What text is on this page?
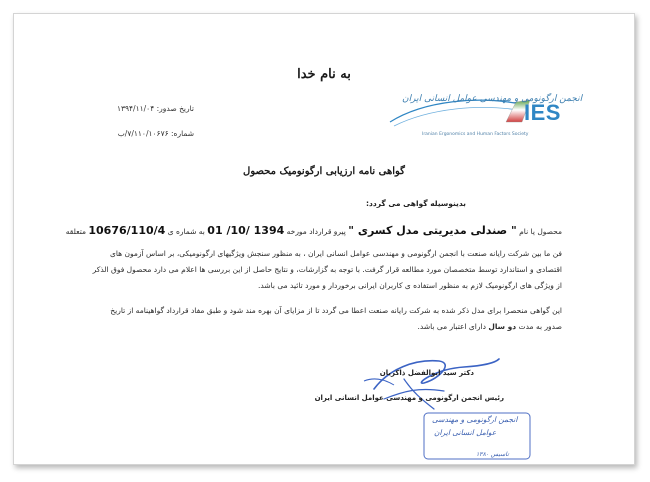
به نام خدا
انجمن ارگونومی و مهندسی عوامل انسانی ایران
IES
Iranian Ergonomics and Human Factors Society
تاریخ صدور: ۱۳۹۴/۱۱/۰۴
شماره: ۷/۱۱۰/۱۰۶۷۶/ب
گواهی نامه ارزیابی ارگونومیک محصول
بدینوسیله گواهی می گردد:
محصول یا نام " صندلی مدیریتی مدل کسری " پیرو قرارداد مورخه 1394 /10/ 01 به شماره ی 10676/110/4 متعلقه
فن ما بین شرکت رایانه صنعت با انجمن ارگونومی و مهندسی عوامل انسانی ایران ، به منظور سنجش ویژگیهای ارگونومیکی، بر اساس آزمون های
اقتصادی و استاندارد توسط متخصصان مورد مطالعه قرار گرفت. با توجه به گزارشات، و نتایج حاصل از این بررسی ها اعلام می دارد محصول فوق الذکر
از ویژگی های ارگونومیک لازم به منظور استفاده ی کاربران ایرانی برخوردار و مورد تائید می باشد.
این گواهی منحصرا برای مدل ذکر شده به شرکت رایانه صنعت اعطا می گردد تا از مزایای آن بهره مند شود و طبق مفاد قرارداد گواهینامه از تاریخ
صدور به مدت دو سال دارای اعتبار می باشد.
دکتر سید ابوالفضل ذاکریان
رئیس انجمن ارگونومی و مهندسی عوامل انسانی ایران
انجمن ارگونومی و مهندسی
عوامل انسانی ایران
تاسیس ۱۳۸۰
